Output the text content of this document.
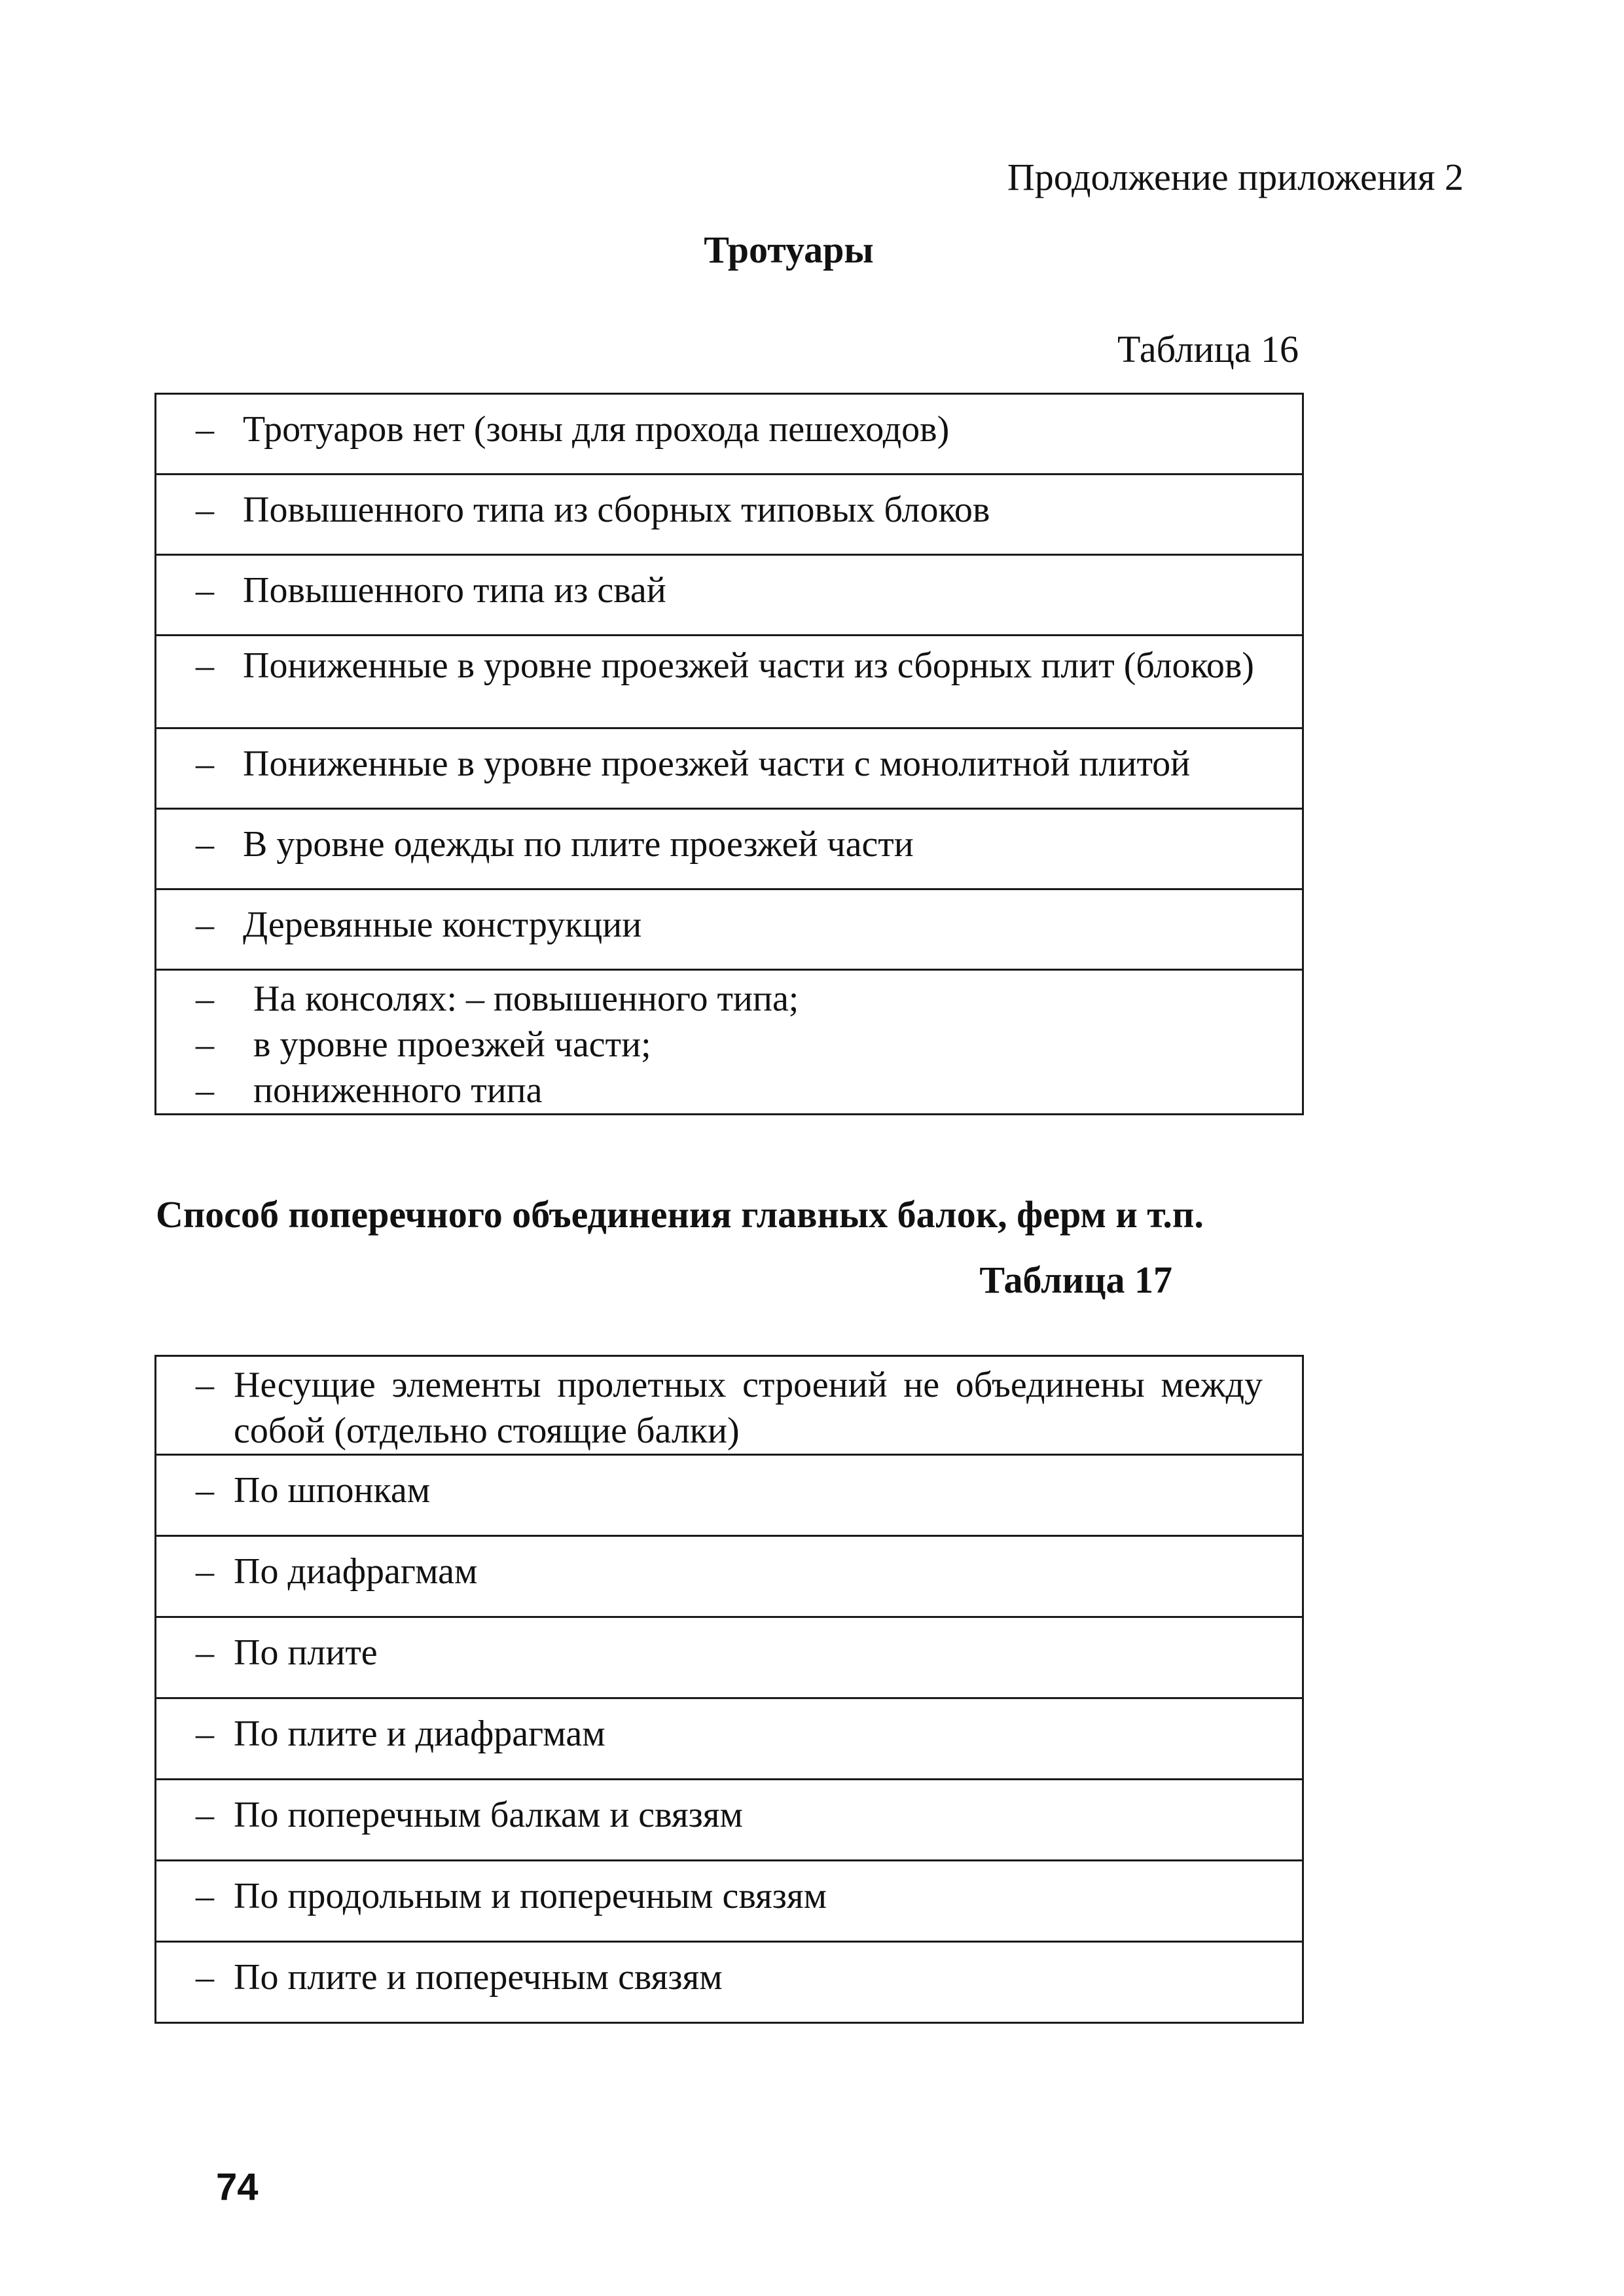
Продолжение приложения 2
Тротуары
Таблица 16
– Тротуаров нет (зоны для прохода пешеходов)

– Повышенного типа из сборных типовых блоков

– Повышенного типа из свай

– Пониженные в уровне проезжей части из сборных плит (блоков)

– Пониженные в уровне проезжей части с монолитной плитой

– В уровне одежды по плите проезжей части

– Деревянные конструкции

–	На консолях: – повышенного типа;
–	в уровне проезжей части;
–	пониженного типа
Способ поперечного объединения главных балок, ферм и т.п.
Таблица 17
– Несущие элементы пролетных строений не объединены между собой (отдельно стоящие балки)

– По шпонкам

– По диафрагмам

– По плите

– По плите и диафрагмам

– По поперечным балкам и связям

– По продольным и поперечным связям

– По плите и поперечным связям
74
